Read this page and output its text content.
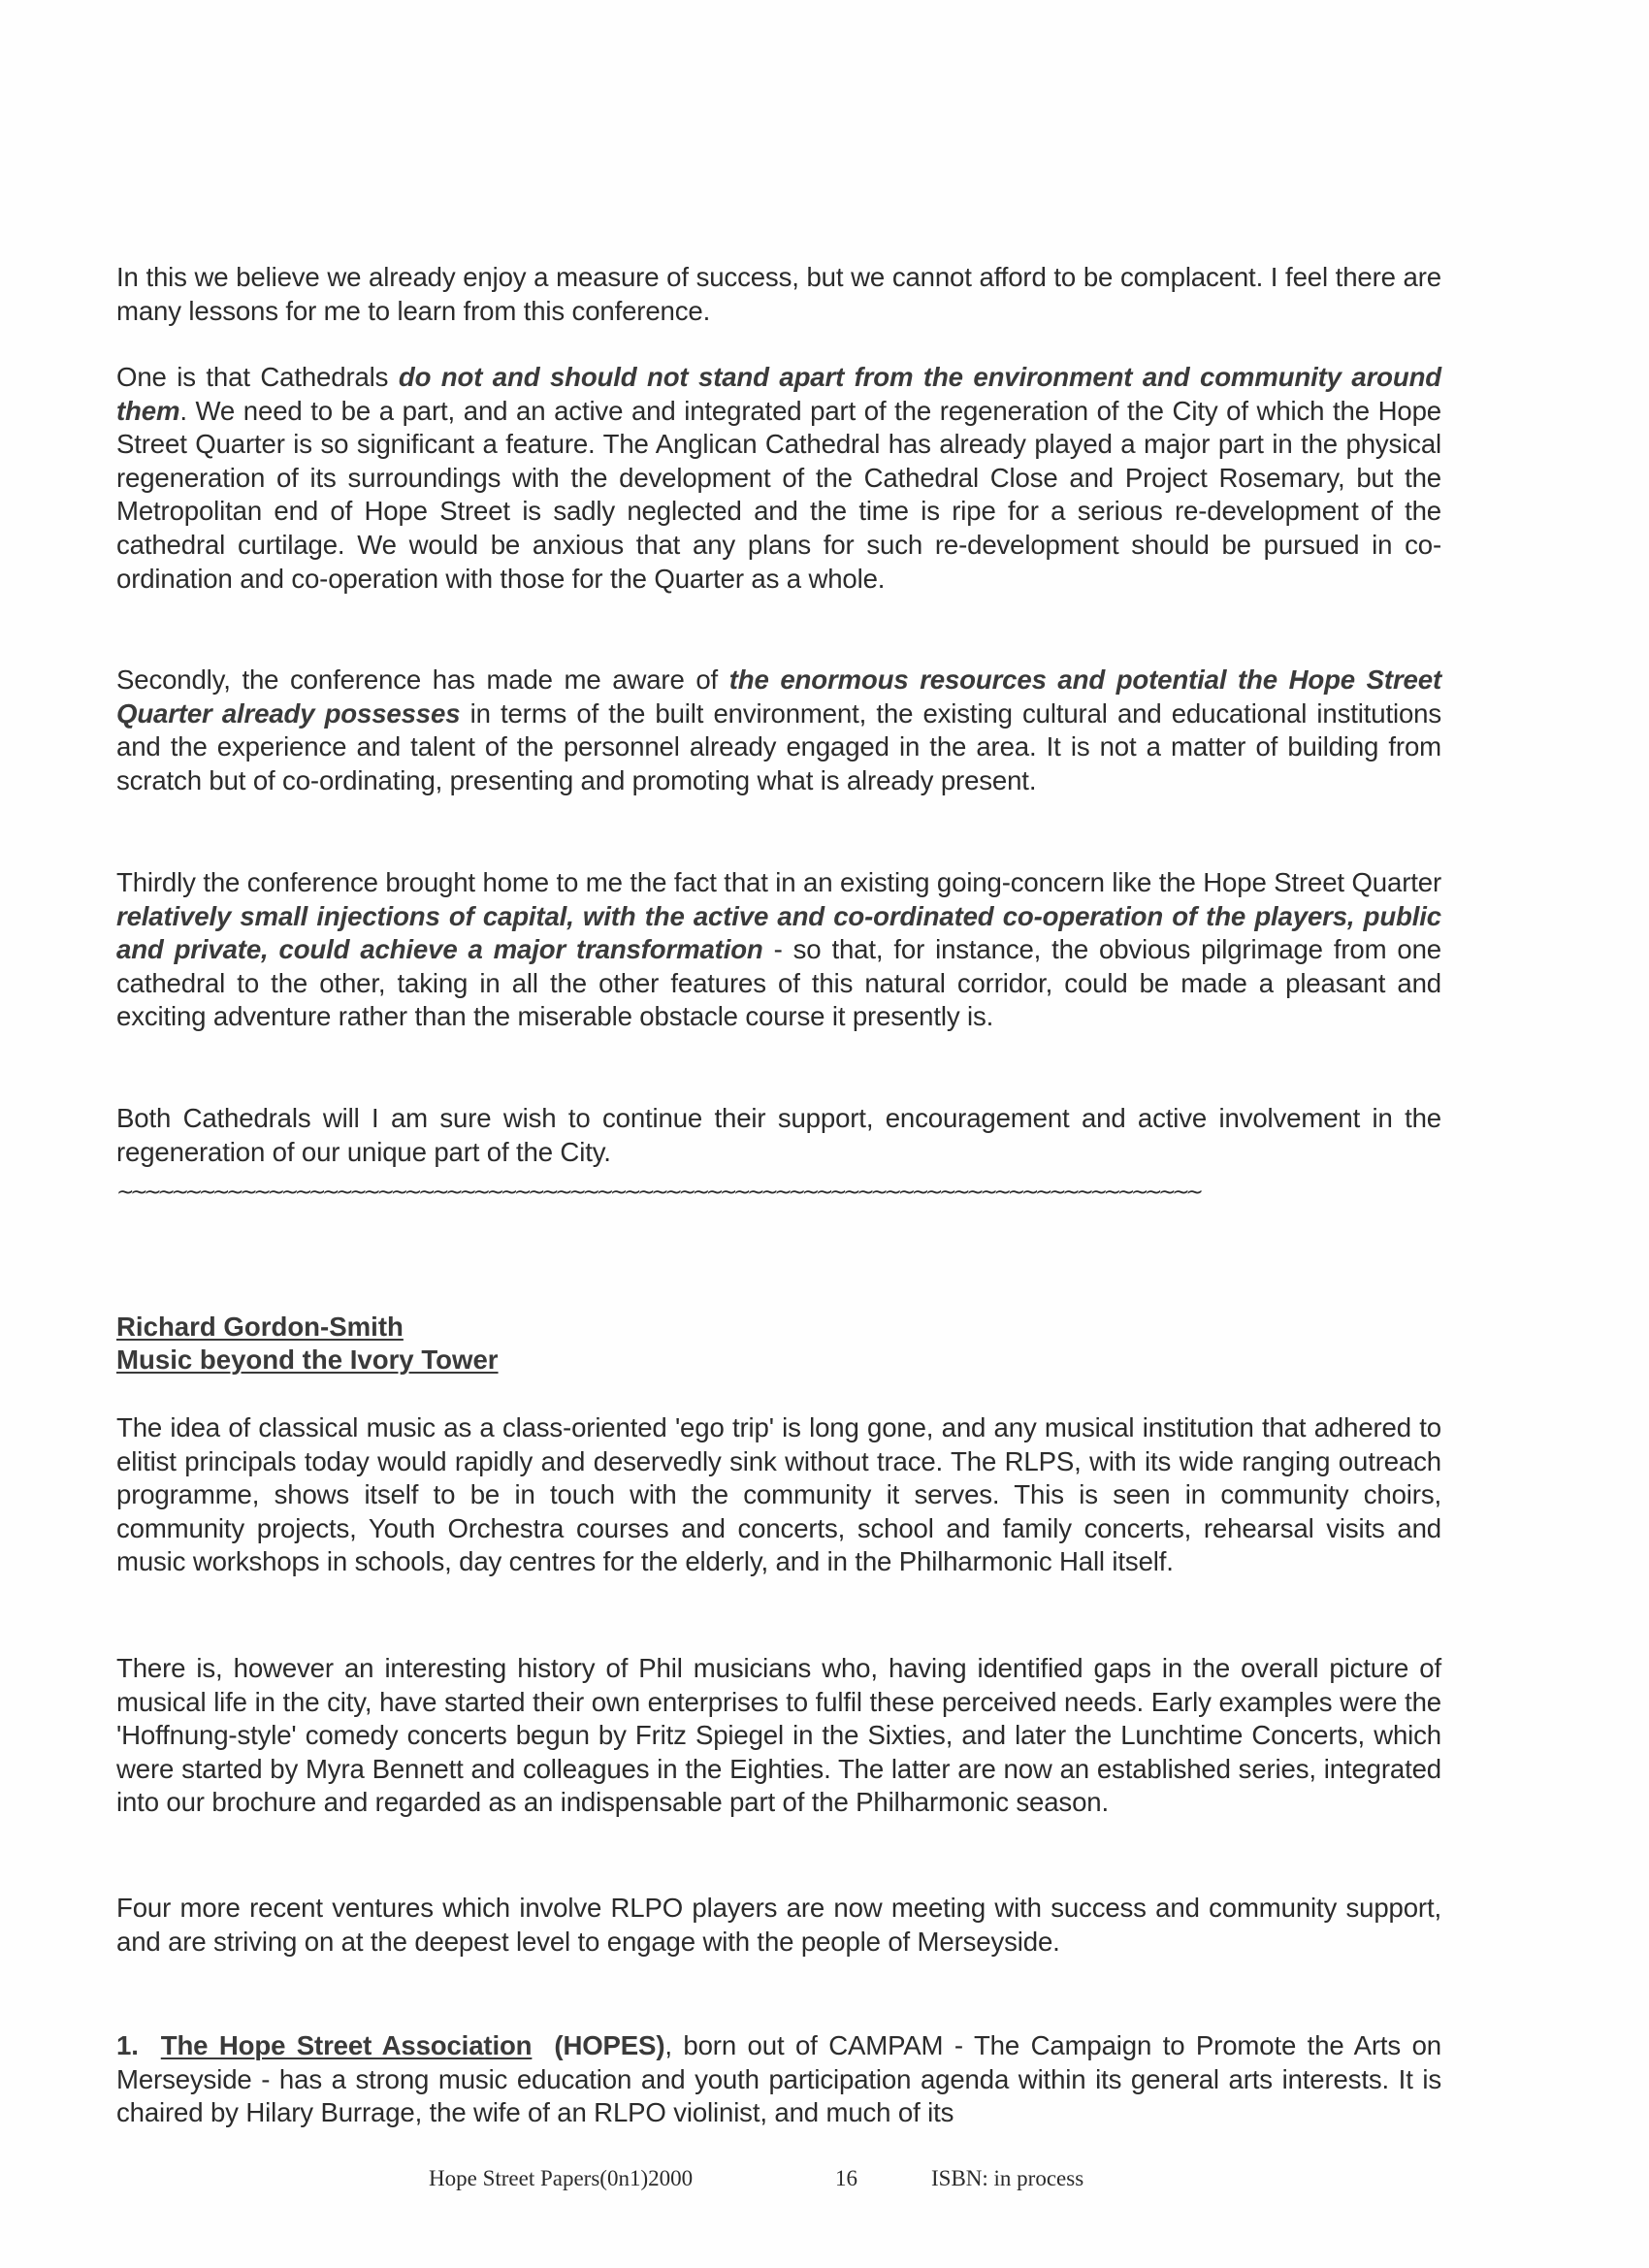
In this we believe we already enjoy a measure of success, but we cannot afford to be complacent. I feel there are many lessons for me to learn from this conference.
One is that Cathedrals do not and should not stand apart from the environment and community around them. We need to be a part, and an active and integrated part of the regeneration of the City of which the Hope Street Quarter is so significant a feature. The Anglican Cathedral has already played a major part in the physical regeneration of its surroundings with the development of the Cathedral Close and Project Rosemary, but the Metropolitan end of Hope Street is sadly neglected and the time is ripe for a serious re-development of the cathedral curtilage. We would be anxious that any plans for such re-development should be pursued in co-ordination and co-operation with those for the Quarter as a whole.
Secondly, the conference has made me aware of the enormous resources and potential the Hope Street Quarter already possesses in terms of the built environment, the existing cultural and educational institutions and the experience and talent of the personnel already engaged in the area. It is not a matter of building from scratch but of co-ordinating, presenting and promoting what is already present.
Thirdly the conference brought home to me the fact that in an existing going-concern like the Hope Street Quarter relatively small injections of capital, with the active and co-ordinated co-operation of the players, public and private, could achieve a major transformation - so that, for instance, the obvious pilgrimage from one cathedral to the other, taking in all the other features of this natural corridor, could be made a pleasant and exciting adventure rather than the miserable obstacle course it presently is.
Both Cathedrals will I am sure wish to continue their support, encouragement and active involvement in the regeneration of our unique part of the City.
~~~~~~~~~~~~~~~~~~~~~~~~~~~~~~~~~~~~~~~~~~~~~~~~~~~~~~~~~~~~~~~~~~~~~~~~~~~~~~~
Richard Gordon-Smith
Music beyond the Ivory Tower
The idea of classical music as a class-oriented 'ego trip' is long gone, and any musical institution that adhered to elitist principals today would rapidly and deservedly sink without trace. The RLPS, with its wide ranging outreach programme, shows itself to be in touch with the community it serves. This is seen in community choirs, community projects, Youth Orchestra courses and concerts, school and family concerts, rehearsal visits and music workshops in schools, day centres for the elderly, and in the Philharmonic Hall itself.
There is, however an interesting history of Phil musicians who, having identified gaps in the overall picture of musical life in the city, have started their own enterprises to fulfil these perceived needs. Early examples were the 'Hoffnung-style' comedy concerts begun by Fritz Spiegel in the Sixties, and later the Lunchtime Concerts, which were started by Myra Bennett and colleagues in the Eighties. The latter are now an established series, integrated into our brochure and regarded as an indispensable part of the Philharmonic season.
Four more recent ventures which involve RLPO players are now meeting with success and community support, and are striving on at the deepest level to engage with the people of Merseyside.
1. The Hope Street Association (HOPES), born out of CAMPAM - The Campaign to Promote the Arts on Merseyside - has a strong music education and youth participation agenda within its general arts interests. It is chaired by Hilary Burrage, the wife of an RLPO violinist, and much of its
Hope Street Papers(0n1)2000	16	ISBN: in process
